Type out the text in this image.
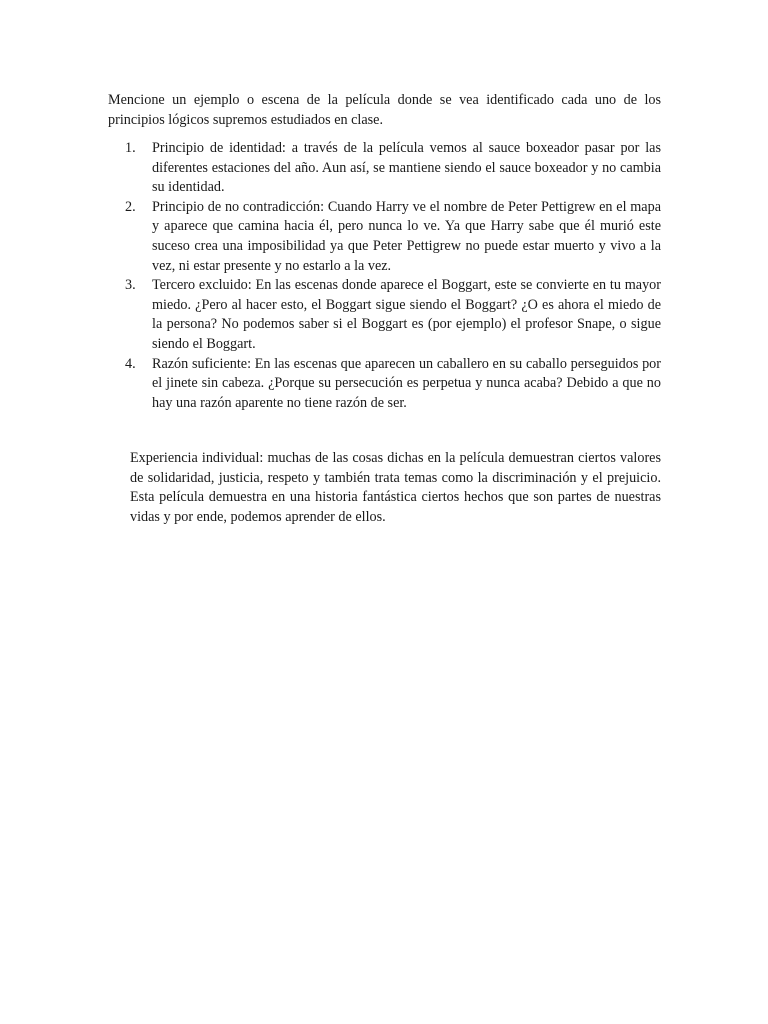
Mencione un ejemplo o escena de la película donde se vea identificado cada uno de los principios lógicos supremos estudiados en clase.

1.	Principio de identidad: a través de la película vemos al sauce boxeador pasar por las diferentes estaciones del año. Aun así, se mantiene siendo el sauce boxeador y no cambia su identidad.
2.	Principio de no contradicción: Cuando Harry ve el nombre de Peter Pettigrew en el mapa y aparece que camina hacia él, pero nunca lo ve. Ya que Harry sabe que él murió este suceso crea una imposibilidad ya que Peter Pettigrew no puede estar muerto y vivo a la vez, ni estar presente y no estarlo a la vez.
3.	Tercero excluido: En las escenas donde aparece el Boggart, este se convierte en tu mayor miedo. ¿Pero al hacer esto, el Boggart sigue siendo el Boggart? ¿O es ahora el miedo de la persona? No podemos saber si el Boggart es (por ejemplo) el profesor Snape, o sigue siendo el Boggart.
4.	Razón suficiente: En las escenas que aparecen un caballero en su caballo perseguidos por el jinete sin cabeza. ¿Porque su persecución es perpetua y nunca acaba? Debido a que no hay una razón aparente no tiene razón de ser.

Experiencia individual: muchas de las cosas dichas en la película demuestran ciertos valores de solidaridad, justicia, respeto y también trata temas como la discriminación y el prejuicio. Esta película demuestra en una historia fantástica ciertos hechos que son partes de nuestras vidas y por ende, podemos aprender de ellos.
